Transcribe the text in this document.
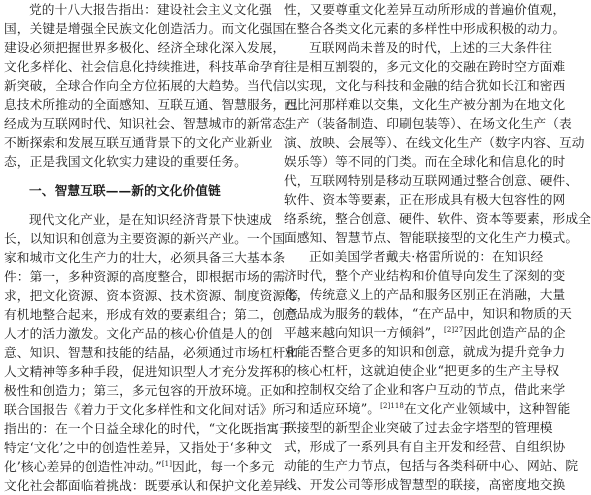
党的十八大报告指出：建设社会主义文化强
国，关键是增强全民族文化创造活力。而文化强国
建设必须把握世界多极化、经济全球化深入发展，
文化多样化、社会信息化持续推进，科技革命孕育
新突破，全球合作向全方位拓展的大趋势。当代信
息技术所推动的全面感知、互联互通、智慧服务，已
经成为互联网时代、知识社会、智慧城市的新常态。
不断探索和发展互联互通背景下的文化产业新业
态，正是我国文化软实力建设的重要任务。
一、智慧互联——新的文化价值链
现代文化产业，是在知识经济背景下快速成
长，以知识和创意为主要资源的新兴产业。一个国
家和城市文化生产力的壮大，必须具备三大基本条
件：第一，多种资源的高度整合，即根据市场的需
求，把文化资源、资本资源、技术资源、制度资源等
有机地整合起来，形成有效的要素组合；第二，创意
人才的活力激发。文化产品的核心价值是人的创
意、知识、智慧和技能的结晶，必须通过市场杠杆和
人文精神等多种手段，促进知识型人才充分发挥积
极性和创造力；第三，多元包容的开放环境。正如
联合国报告《着力于文化多样性和文化间对话》所
指出的：在一个日益全球化的时代，“文化既指寓于
特定‘文化’之中的创造性差异，又指处于‘多种文
化’核心差异的创造性冲动。”[1]因此，每一个多元
文化社会都面临着挑战：既要承认和保护文化差异
性，又要尊重文化差异互动所形成的普遍价值观，
在整合各类文化元素的多样性中形成积极的动力。
互联网尚未普及的时代，上述的三大条件往
往是相互割裂的，多元文化的交融在跨时空方面难
以实现，文化与科技和金融的结合犹如长江和密西
西比河那样难以交集，文化生产被分割为在地文化
生产（装备制造、印刷包装等）、在场文化生产（表
演、放映、会展等）、在线文化生产（数字内容、互动
娱乐等）等不同的门类。而在全球化和信息化的时
代，互联网特别是移动互联网通过整合创意、硬件、
软件、资本等要素，正在形成具有极大包容性的网
络系统，整合创意、硬件、软件、资本等要素，形成全
面感知、智慧节点、智能联接型的文化生产力模式。
正如美国学者戴夫·格雷所说的：在知识经
济时代，整个产业结构和价值导向发生了深刻的变
化，传统意义上的产品和服务区别正在消融，大量
产品成为服务的载体，“在产品中，知识和物质的天
平越来越向知识一方倾斜”，$^{[2]27}$因此创造产品的企
业能否整合更多的知识和创意，就成为提升竞争力
的核心杠杆，这就迫使企业“把更多的生产主导权
和控制权交给了企业和客户互动的节点，借此来学
习和适应环境”。$^{[2]118}$在文化产业领域中，这种智能
联接型的新型企业突破了过去金字塔型的管理模
式，形成了一系列具有自主开发和经营、自组织协
动能的生产力节点，包括与各类科研中心、网站、院
线、开发公司等形成智慧型的联接，高密度地交换
